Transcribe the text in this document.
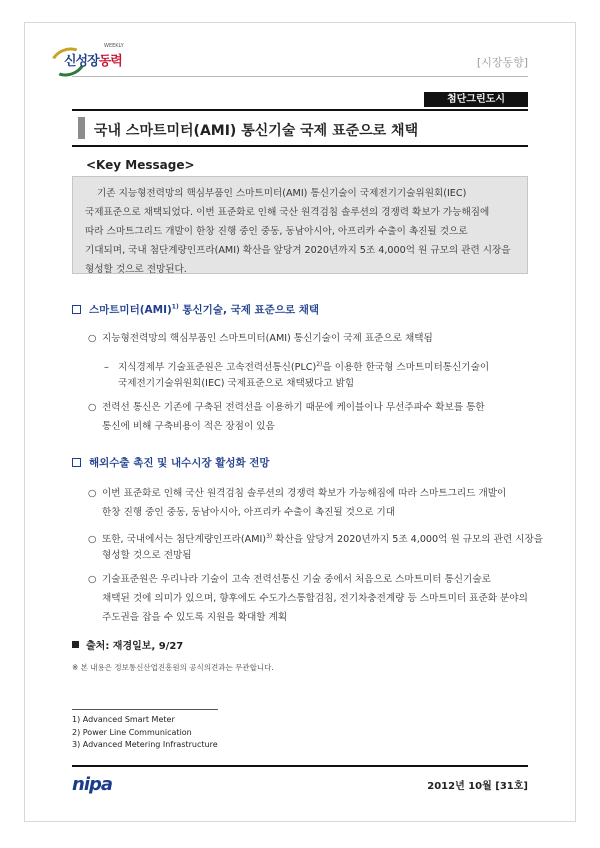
WEEKLY
신성장동력	[시장동향]
첨단그린도시
국내 스마트미터(AMI) 통신기술 국제 표준으로 채택
<Key Message>
기존 지능형전력망의 핵심부품인 스마트미터(AMI) 통신기술이 국제전기기술위원회(IEC)
국제표준으로 채택되었다. 이번 표준화로 인해 국산 원격검침 솔루션의 경쟁력 확보가 가능해짐에
따라 스마트그리드 개발이 한창 진행 중인 중동, 동남아시아, 아프리카 수출이 촉진될 것으로
기대되며, 국내 첨단계량인프라(AMI) 확산을 앞당겨 2020년까지 5조 4,000억 원 규모의 관련 시장을
형성할 것으로 전망된다.
스마트미터(AMI)$^{1)}$ 통신기술, 국제 표준으로 채택
○ 지능형전력망의 핵심부품인 스마트미터(AMI) 통신기술이 국제 표준으로 채택됨
– 지식경제부 기술표준원은 고속전력선통신(PLC)$^{2)}$을 이용한 한국형 스마트미터통신기술이
국제전기기술위원회(IEC) 국제표준으로 채택됐다고 밝힘
○ 전력선 통신은 기존에 구축된 전력선을 이용하기 때문에 케이블이나 무선주파수 확보를 통한
통신에 비해 구축비용이 적은 장점이 있음
해외수출 촉진 및 내수시장 활성화 전망
○ 이번 표준화로 인해 국산 원격검침 솔루션의 경쟁력 확보가 가능해짐에 따라 스마트그리드 개발이
한창 진행 중인 중동, 동남아시아, 아프리카 수출이 촉진될 것으로 기대
○ 또한, 국내에서는 첨단계량인프라(AMI)$^{3)}$ 확산을 앞당겨 2020년까지 5조 4,000억 원 규모의 관련 시장을
형성할 것으로 전망됨
○ 기술표준원은 우리나라 기술이 고속 전력선통신 기술 중에서 처음으로 스마트미터 통신기술로
채택된 것에 의미가 있으며, 향후에도 수도가스통합검침, 전기차충전계량 등 스마트미터 표준화 분야의
주도권을 잡을 수 있도록 지원을 확대할 계획
출처: 재경일보, 9/27
※ 본 내용은 정보통신산업진흥원의 공식의견과는 무관합니다.
1) Advanced Smart Meter
2) Power Line Communication
3) Advanced Metering Infrastructure
nipa	2012년 10월 [31호]
